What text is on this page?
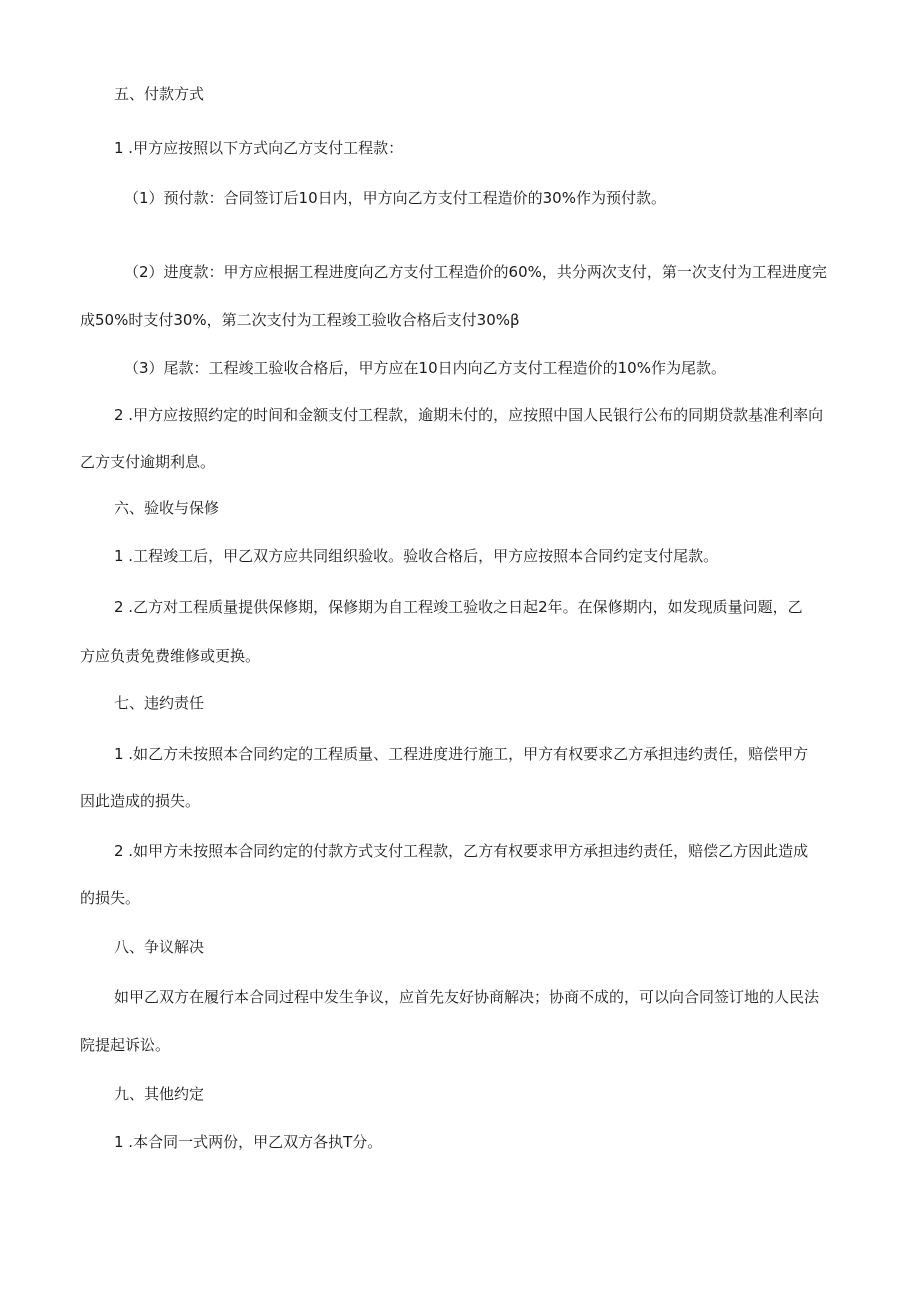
五、付款方式
1 .甲方应按照以下方式向乙方支付工程款：
（1）预付款：合同签订后10日内，甲方向乙方支付工程造价的30%作为预付款。
（2）进度款：甲方应根据工程进度向乙方支付工程造价的60%，共分两次支付，第一次支付为工程进度完
成50%时支付30%，第二次支付为工程竣工验收合格后支付30%β
（3）尾款：工程竣工验收合格后，甲方应在10日内向乙方支付工程造价的10%作为尾款。
2 .甲方应按照约定的时间和金额支付工程款，逾期未付的，应按照中国人民银行公布的同期贷款基准利率向
乙方支付逾期利息。
六、验收与保修
1 .工程竣工后，甲乙双方应共同组织验收。验收合格后，甲方应按照本合同约定支付尾款。
2 .乙方对工程质量提供保修期，保修期为自工程竣工验收之日起2年。在保修期内，如发现质量问题，乙
方应负责免费维修或更换。
七、违约责任
1 .如乙方未按照本合同约定的工程质量、工程进度进行施工，甲方有权要求乙方承担违约责任，赔偿甲方
因此造成的损失。
2 .如甲方未按照本合同约定的付款方式支付工程款，乙方有权要求甲方承担违约责任，赔偿乙方因此造成
的损失。
八、争议解决
如甲乙双方在履行本合同过程中发生争议，应首先友好协商解决；协商不成的，可以向合同签订地的人民法
院提起诉讼。
九、其他约定
1 .本合同一式两份，甲乙双方各执T分。
